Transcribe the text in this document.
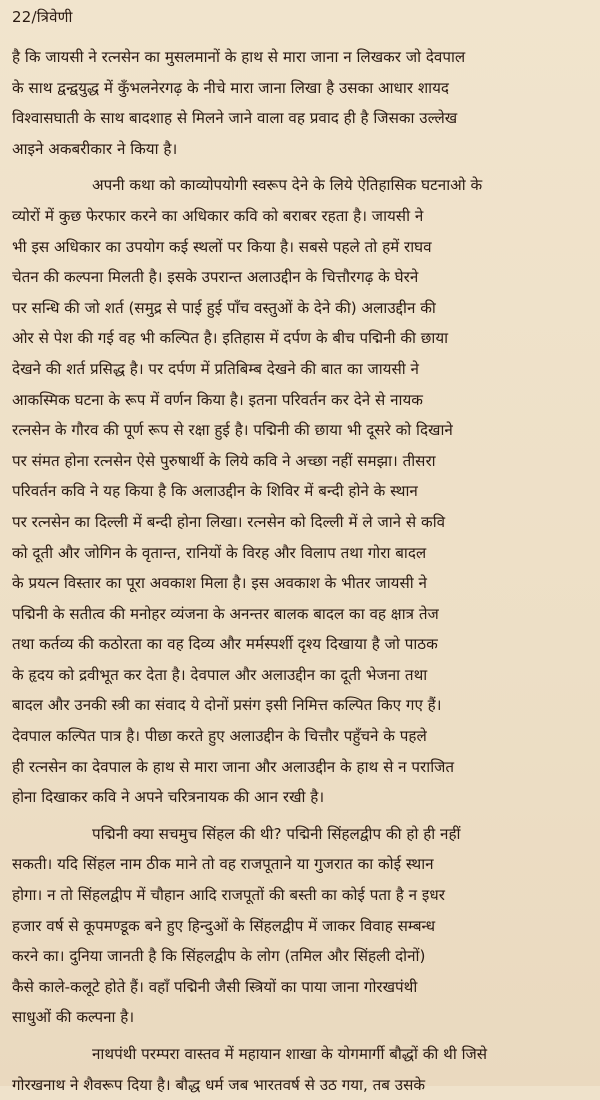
22/त्रिवेणी

है कि जायसी ने रत्नसेन का मुसलमानों के हाथ से मारा जाना न लिखकर जो देवपाल
के साथ द्वन्द्वयुद्ध में कुँभलनेरगढ़ के नीचे मारा जाना लिखा है उसका आधार शायद
विश्वासघाती के साथ बादशाह से मिलने जाने वाला वह प्रवाद ही है जिसका उल्लेख
आइने अकबरीकार ने किया है।

अपनी कथा को काव्योपयोगी स्वरूप देने के लिये ऐतिहासिक घटनाओ के
व्योरों में कुछ फेरफार करने का अधिकार कवि को बराबर रहता है। जायसी ने
भी इस अधिकार का उपयोग कई स्थलों पर किया है। सबसे पहले तो हमें राघव
चेतन की कल्पना मिलती है। इसके उपरान्त अलाउद्दीन के चित्तौरगढ़ के घेरने
पर सन्धि की जो शर्त (समुद्र से पाई हुई पाँच वस्तुओं के देने की) अलाउद्दीन की
ओर से पेश की गई वह भी कल्पित है। इतिहास में दर्पण के बीच पद्मिनी की छाया
देखने की शर्त प्रसिद्ध है। पर दर्पण में प्रतिबिम्ब देखने की बात का जायसी ने
आकस्मिक घटना के रूप में वर्णन किया है। इतना परिवर्तन कर देने से नायक
रत्नसेन के गौरव की पूर्ण रूप से रक्षा हुई है। पद्मिनी की छाया भी दूसरे को दिखाने
पर संमत होना रत्नसेन ऐसे पुरुषार्थी के लिये कवि ने अच्छा नहीं समझा। तीसरा
परिवर्तन कवि ने यह किया है कि अलाउद्दीन के शिविर में बन्दी होने के स्थान
पर रत्नसेन का दिल्ली में बन्दी होना लिखा। रत्नसेन को दिल्ली में ले जाने से कवि
को दूती और जोगिन के वृतान्त, रानियों के विरह और विलाप तथा गोरा बादल
के प्रयत्न विस्तार का पूरा अवकाश मिला है। इस अवकाश के भीतर जायसी ने
पद्मिनी के सतीत्व की मनोहर व्यंजना के अनन्तर बालक बादल का वह क्षात्र तेज
तथा कर्तव्य की कठोरता का वह दिव्य और मर्मस्पर्शी दृश्य दिखाया है जो पाठक
के हृदय को द्रवीभूत कर देता है। देवपाल और अलाउद्दीन का दूती भेजना तथा
बादल और उनकी स्त्री का संवाद ये दोनों प्रसंग इसी निमित्त कल्पित किए गए हैं।
देवपाल कल्पित पात्र है। पीछा करते हुए अलाउद्दीन के चित्तौर पहुँचने के पहले
ही रत्नसेन का देवपाल के हाथ से मारा जाना और अलाउद्दीन के हाथ से न पराजित
होना दिखाकर कवि ने अपने चरित्रनायक की आन रखी है।

पद्मिनी क्या सचमुच सिंहल की थी? पद्मिनी सिंहलद्वीप की हो ही नहीं
सकती। यदि सिंहल नाम ठीक माने तो वह राजपूताने या गुजरात का कोई स्थान
होगा। न तो सिंहलद्वीप में चौहान आदि राजपूतों की बस्ती का कोई पता है न इधर
हजार वर्ष से कूपमण्डूक बने हुए हिन्दुओं के सिंहलद्वीप में जाकर विवाह सम्बन्ध
करने का। दुनिया जानती है कि सिंहलद्वीप के लोग (तमिल और सिंहली दोनों)
कैसे काले-कलूटे होते हैं। वहाँ पद्मिनी जैसी स्त्रियों का पाया जाना गोरखपंथी
साधुओं की कल्पना है।

नाथपंथी परम्परा वास्तव में महायान शाखा के योगमार्गी बौद्धों की थी जिसे
गोरखनाथ ने शैवरूप दिया है। बौद्ध धर्म जब भारतवर्ष से उठ गया, तब उसके
